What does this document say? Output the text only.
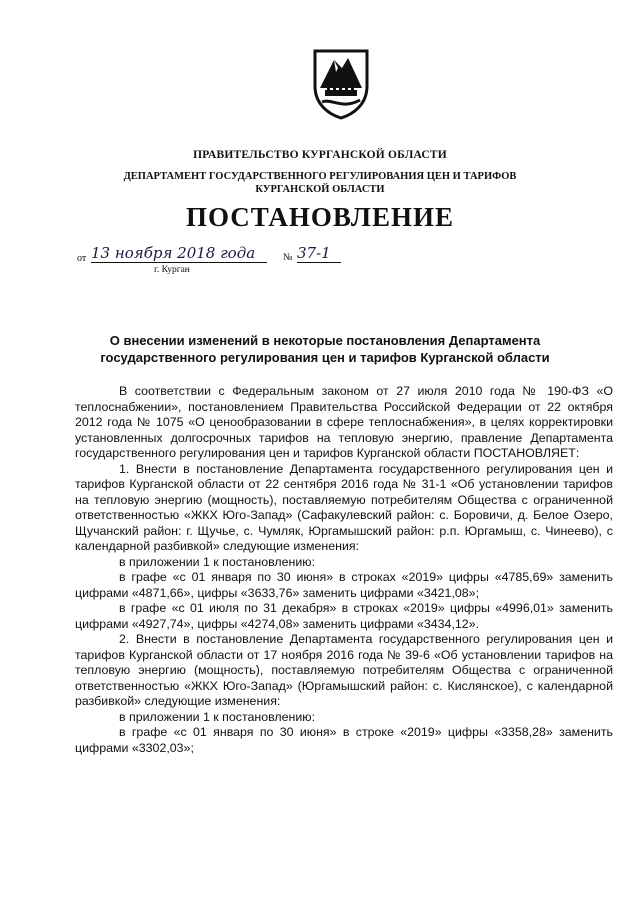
ПРАВИТЕЛЬСТВО КУРГАНСКОЙ ОБЛАСТИ
ДЕПАРТАМЕНТ ГОСУДАРСТВЕННОГО РЕГУЛИРОВАНИЯ ЦЕН И ТАРИФОВ
КУРГАНСКОЙ ОБЛАСТИ
ПОСТАНОВЛЕНИЕ
от 13 ноября 2018 года	№ 37-1
г. Курган
О внесении изменений в некоторые постановления Департамента
государственного регулирования цен и тарифов Курганской области

В соответствии с Федеральным законом от 27 июля 2010 года № 190-ФЗ «О теплоснабжении», постановлением Правительства Российской Федерации от 22 октября 2012 года № 1075 «О ценообразовании в сфере теплоснабжения», в целях корректировки установленных долгосрочных тарифов на тепловую энергию, правление Департамента государственного регулирования цен и тарифов Курганской области ПОСТАНОВЛЯЕТ:

1. Внести в постановление Департамента государственного регулирования цен и тарифов Курганской области от 22 сентября 2016 года № 31-1 «Об установлении тарифов на тепловую энергию (мощность), поставляемую потребителям Общества с ограниченной ответственностью «ЖКХ Юго-Запад» (Сафакулевский район: с. Боровичи, д. Белое Озеро, Щучанский район: г. Щучье, с. Чумляк, Юргамышский район: р.п. Юргамыш, с. Чинеево), с календарной разбивкой» следующие изменения:

в приложении 1 к постановлению:

в графе «с 01 января по 30 июня» в строках «2019» цифры «4785,69» заменить цифрами «4871,66», цифры «3633,76» заменить цифрами «3421,08»;

в графе «с 01 июля по 31 декабря» в строках «2019» цифры «4996,01» заменить цифрами «4927,74», цифры «4274,08» заменить цифрами «3434,12».

2. Внести в постановление Департамента государственного регулирования цен и тарифов Курганской области от 17 ноября 2016 года № 39-6 «Об установлении тарифов на тепловую энергию (мощность), поставляемую потребителям Общества с ограниченной ответственностью «ЖКХ Юго-Запад» (Юргамышский район: с. Кислянское), с календарной разбивкой» следующие изменения:

в приложении 1 к постановлению:

в графе «с 01 января по 30 июня» в строке «2019» цифры «3358,28» заменить цифрами «3302,03»;
